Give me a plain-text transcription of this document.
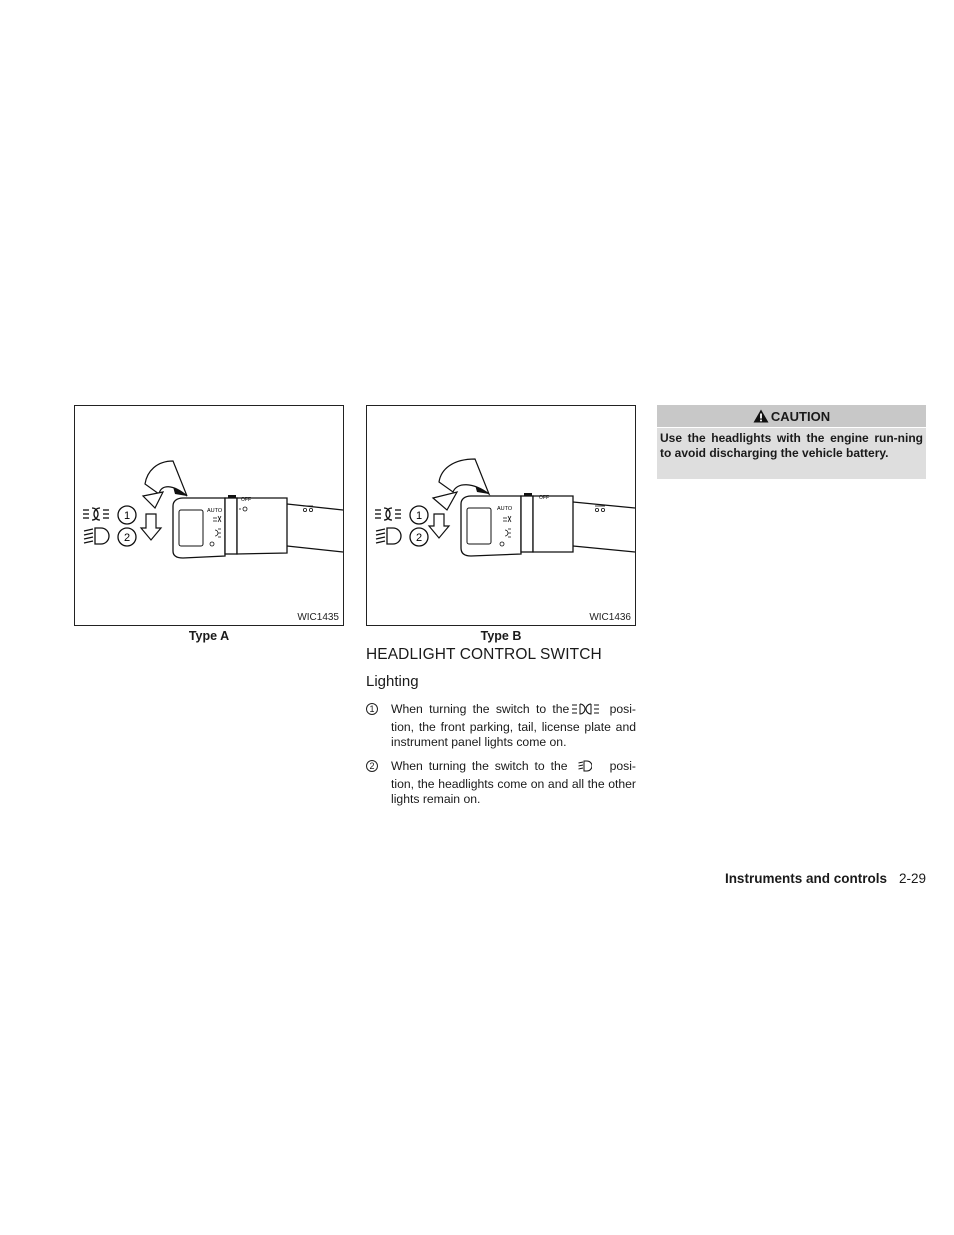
1
2
AUTO
OFF
WIC1435
Type A
1
2
AUTO
OFF
WIC1436
Type B
CAUTION
Use the headlights with the engine run-ning to avoid discharging the vehicle battery.
HEADLIGHT CONTROL SWITCH
Lighting
1 When turning the switch to the	posi-tion, the front parking, tail, license plate and instrument panel lights come on.
2 When turning the switch to the	posi-tion, the headlights come on and all the other lights remain on.
Instruments and controls 2-29
